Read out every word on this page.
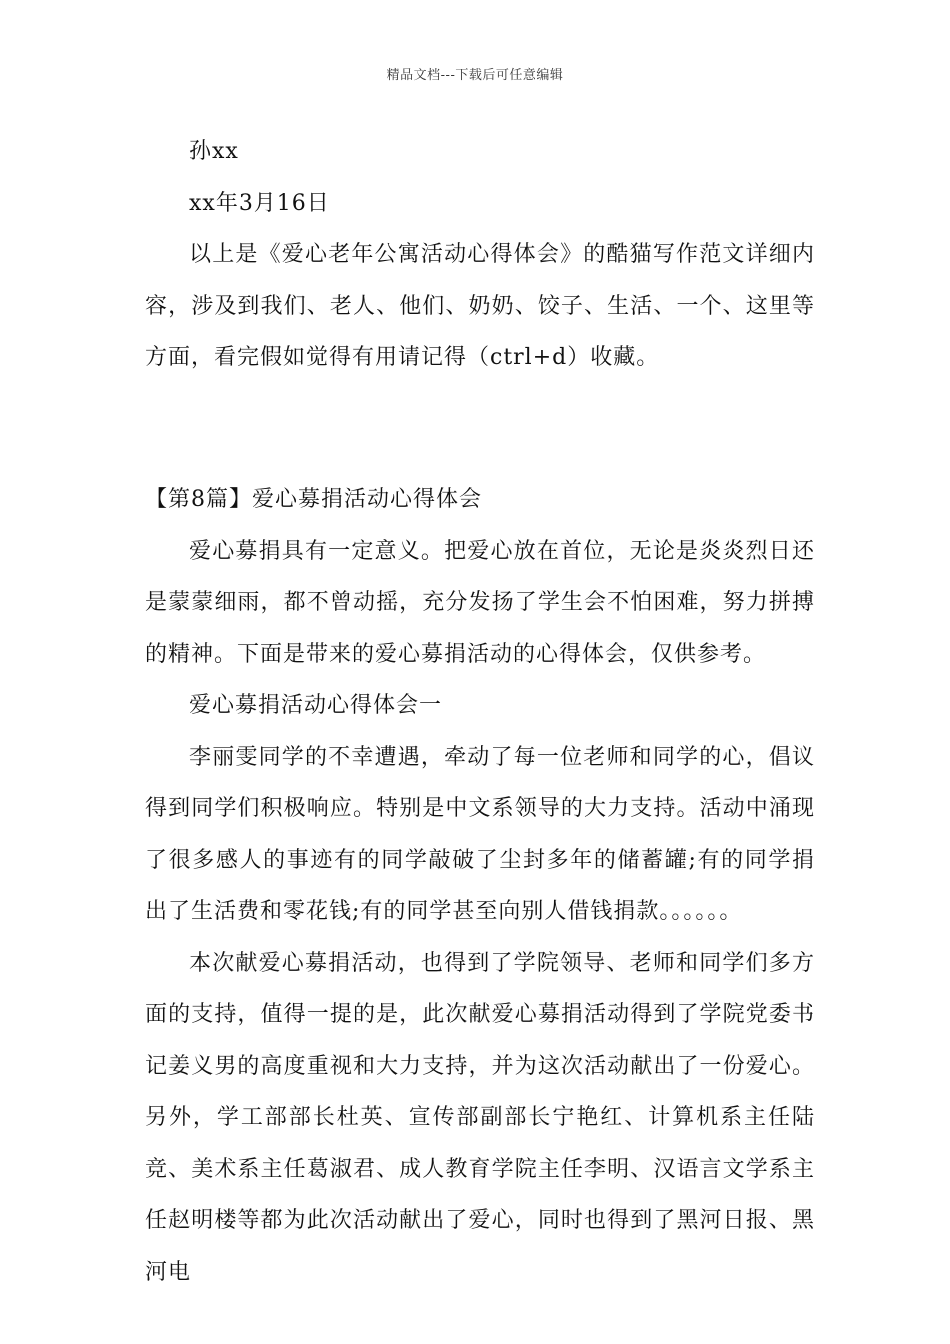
精品文档---下载后可任意编辑

孙xx

xx年3月16日

以上是《爱心老年公寓活动心得体会》的酷猫写作范文详细内容，涉及到我们、老人、他们、奶奶、饺子、生活、一个、这里等方面，看完假如觉得有用请记得（ctrl+d）收藏。

【第8篇】爱心募捐活动心得体会

爱心募捐具有一定意义。把爱心放在首位，无论是炎炎烈日还是蒙蒙细雨，都不曾动摇，充分发扬了学生会不怕困难，努力拼搏的精神。下面是带来的爱心募捐活动的心得体会，仅供参考。

爱心募捐活动心得体会一

李丽雯同学的不幸遭遇，牵动了每一位老师和同学的心，倡议得到同学们积极响应。特别是中文系领导的大力支持。活动中涌现了很多感人的事迹有的同学敲破了尘封多年的储蓄罐;有的同学捐出了生活费和零花钱;有的同学甚至向别人借钱捐款。。。。。。

本次献爱心募捐活动，也得到了学院领导、老师和同学们多方面的支持，值得一提的是，此次献爱心募捐活动得到了学院党委书记姜义男的高度重视和大力支持，并为这次活动献出了一份爱心。另外，学工部部长杜英、宣传部副部长宁艳红、计算机系主任陆竞、美术系主任葛淑君、成人教育学院主任李明、汉语言文学系主任赵明楼等都为此次活动献出了爱心，同时也得到了黑河日报、黑河电
